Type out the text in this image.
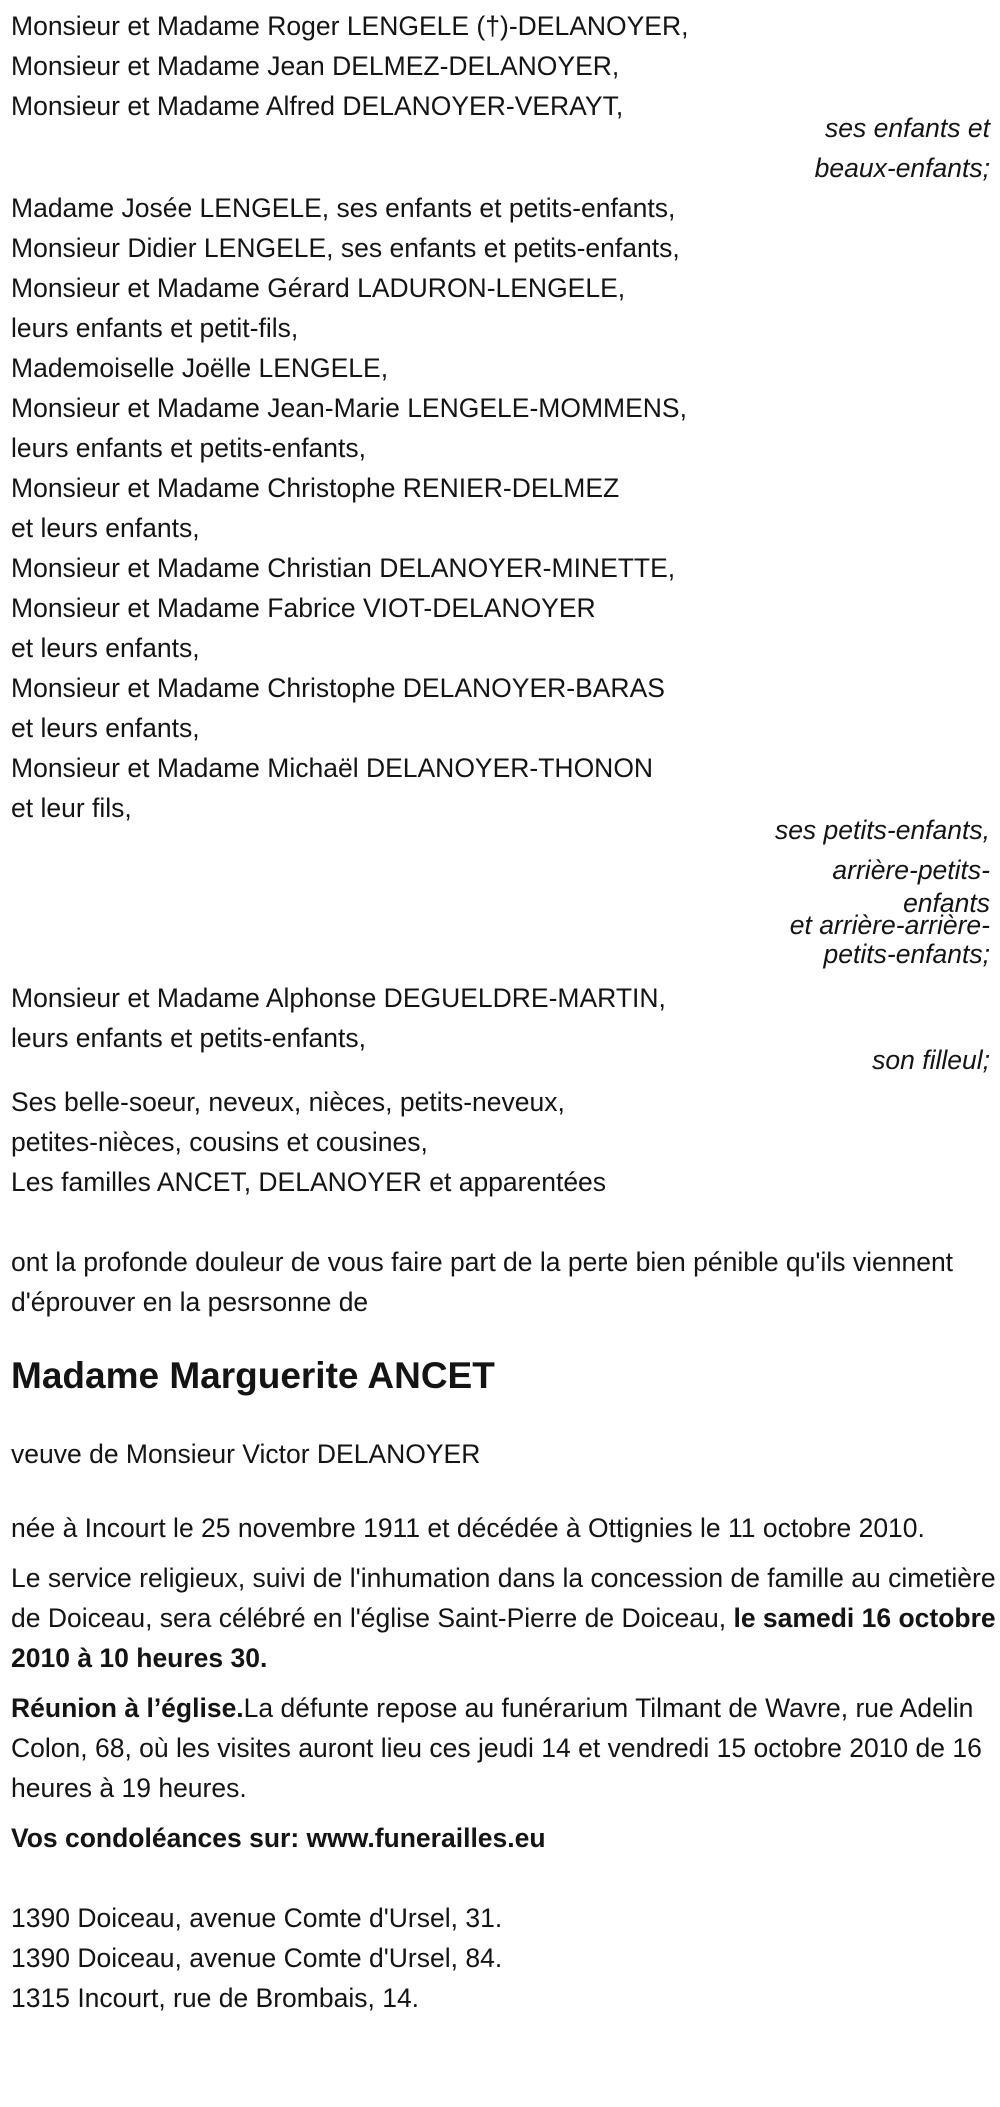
Monsieur et Madame Roger LENGELE (†)-DELANOYER,
Monsieur et Madame Jean DELMEZ-DELANOYER,
Monsieur et Madame Alfred DELANOYER-VERAYT,
ses enfants et
beaux-enfants;
Madame Josée LENGELE, ses enfants et petits-enfants,
Monsieur Didier LENGELE, ses enfants et petits-enfants,
Monsieur et Madame Gérard LADURON-LENGELE,
leurs enfants et petit-fils,
Mademoiselle Joëlle LENGELE,
Monsieur et Madame Jean-Marie LENGELE-MOMMENS,
leurs enfants et petits-enfants,
Monsieur et Madame Christophe RENIER-DELMEZ
et leurs enfants,
Monsieur et Madame Christian DELANOYER-MINETTE,
Monsieur et Madame Fabrice VIOT-DELANOYER
et leurs enfants,
Monsieur et Madame Christophe DELANOYER-BARAS
et leurs enfants,
Monsieur et Madame Michaël DELANOYER-THONON
et leur fils,
ses petits-enfants,
arrière-petits-
enfants
et arrière-arrière-
petits-enfants;
Monsieur et Madame Alphonse DEGUELDRE-MARTIN,
leurs enfants et petits-enfants,
son filleul;
Ses belle-soeur, neveux, nièces, petits-neveux,
petites-nièces, cousins et cousines,
Les familles ANCET, DELANOYER et apparentées

ont la profonde douleur de vous faire part de la perte bien pénible qu'ils viennent d'éprouver en la pesrsonne de

Madame Marguerite ANCET

veuve de Monsieur Victor DELANOYER

née à Incourt le 25 novembre 1911 et décédée à Ottignies le 11 octobre 2010.

Le service religieux, suivi de l'inhumation dans la concession de famille au cimetière de Doiceau, sera célébré en l'église Saint-Pierre de Doiceau, le samedi 16 octobre 2010 à 10 heures 30.

Réunion à l’église.La défunte repose au funérarium Tilmant de Wavre, rue Adelin Colon, 68, où les visites auront lieu ces jeudi 14 et vendredi 15 octobre 2010 de 16 heures à 19 heures.

Vos condoléances sur: www.funerailles.eu

1390 Doiceau, avenue Comte d'Ursel, 31.
1390 Doiceau, avenue Comte d'Ursel, 84.
1315 Incourt, rue de Brombais, 14.
